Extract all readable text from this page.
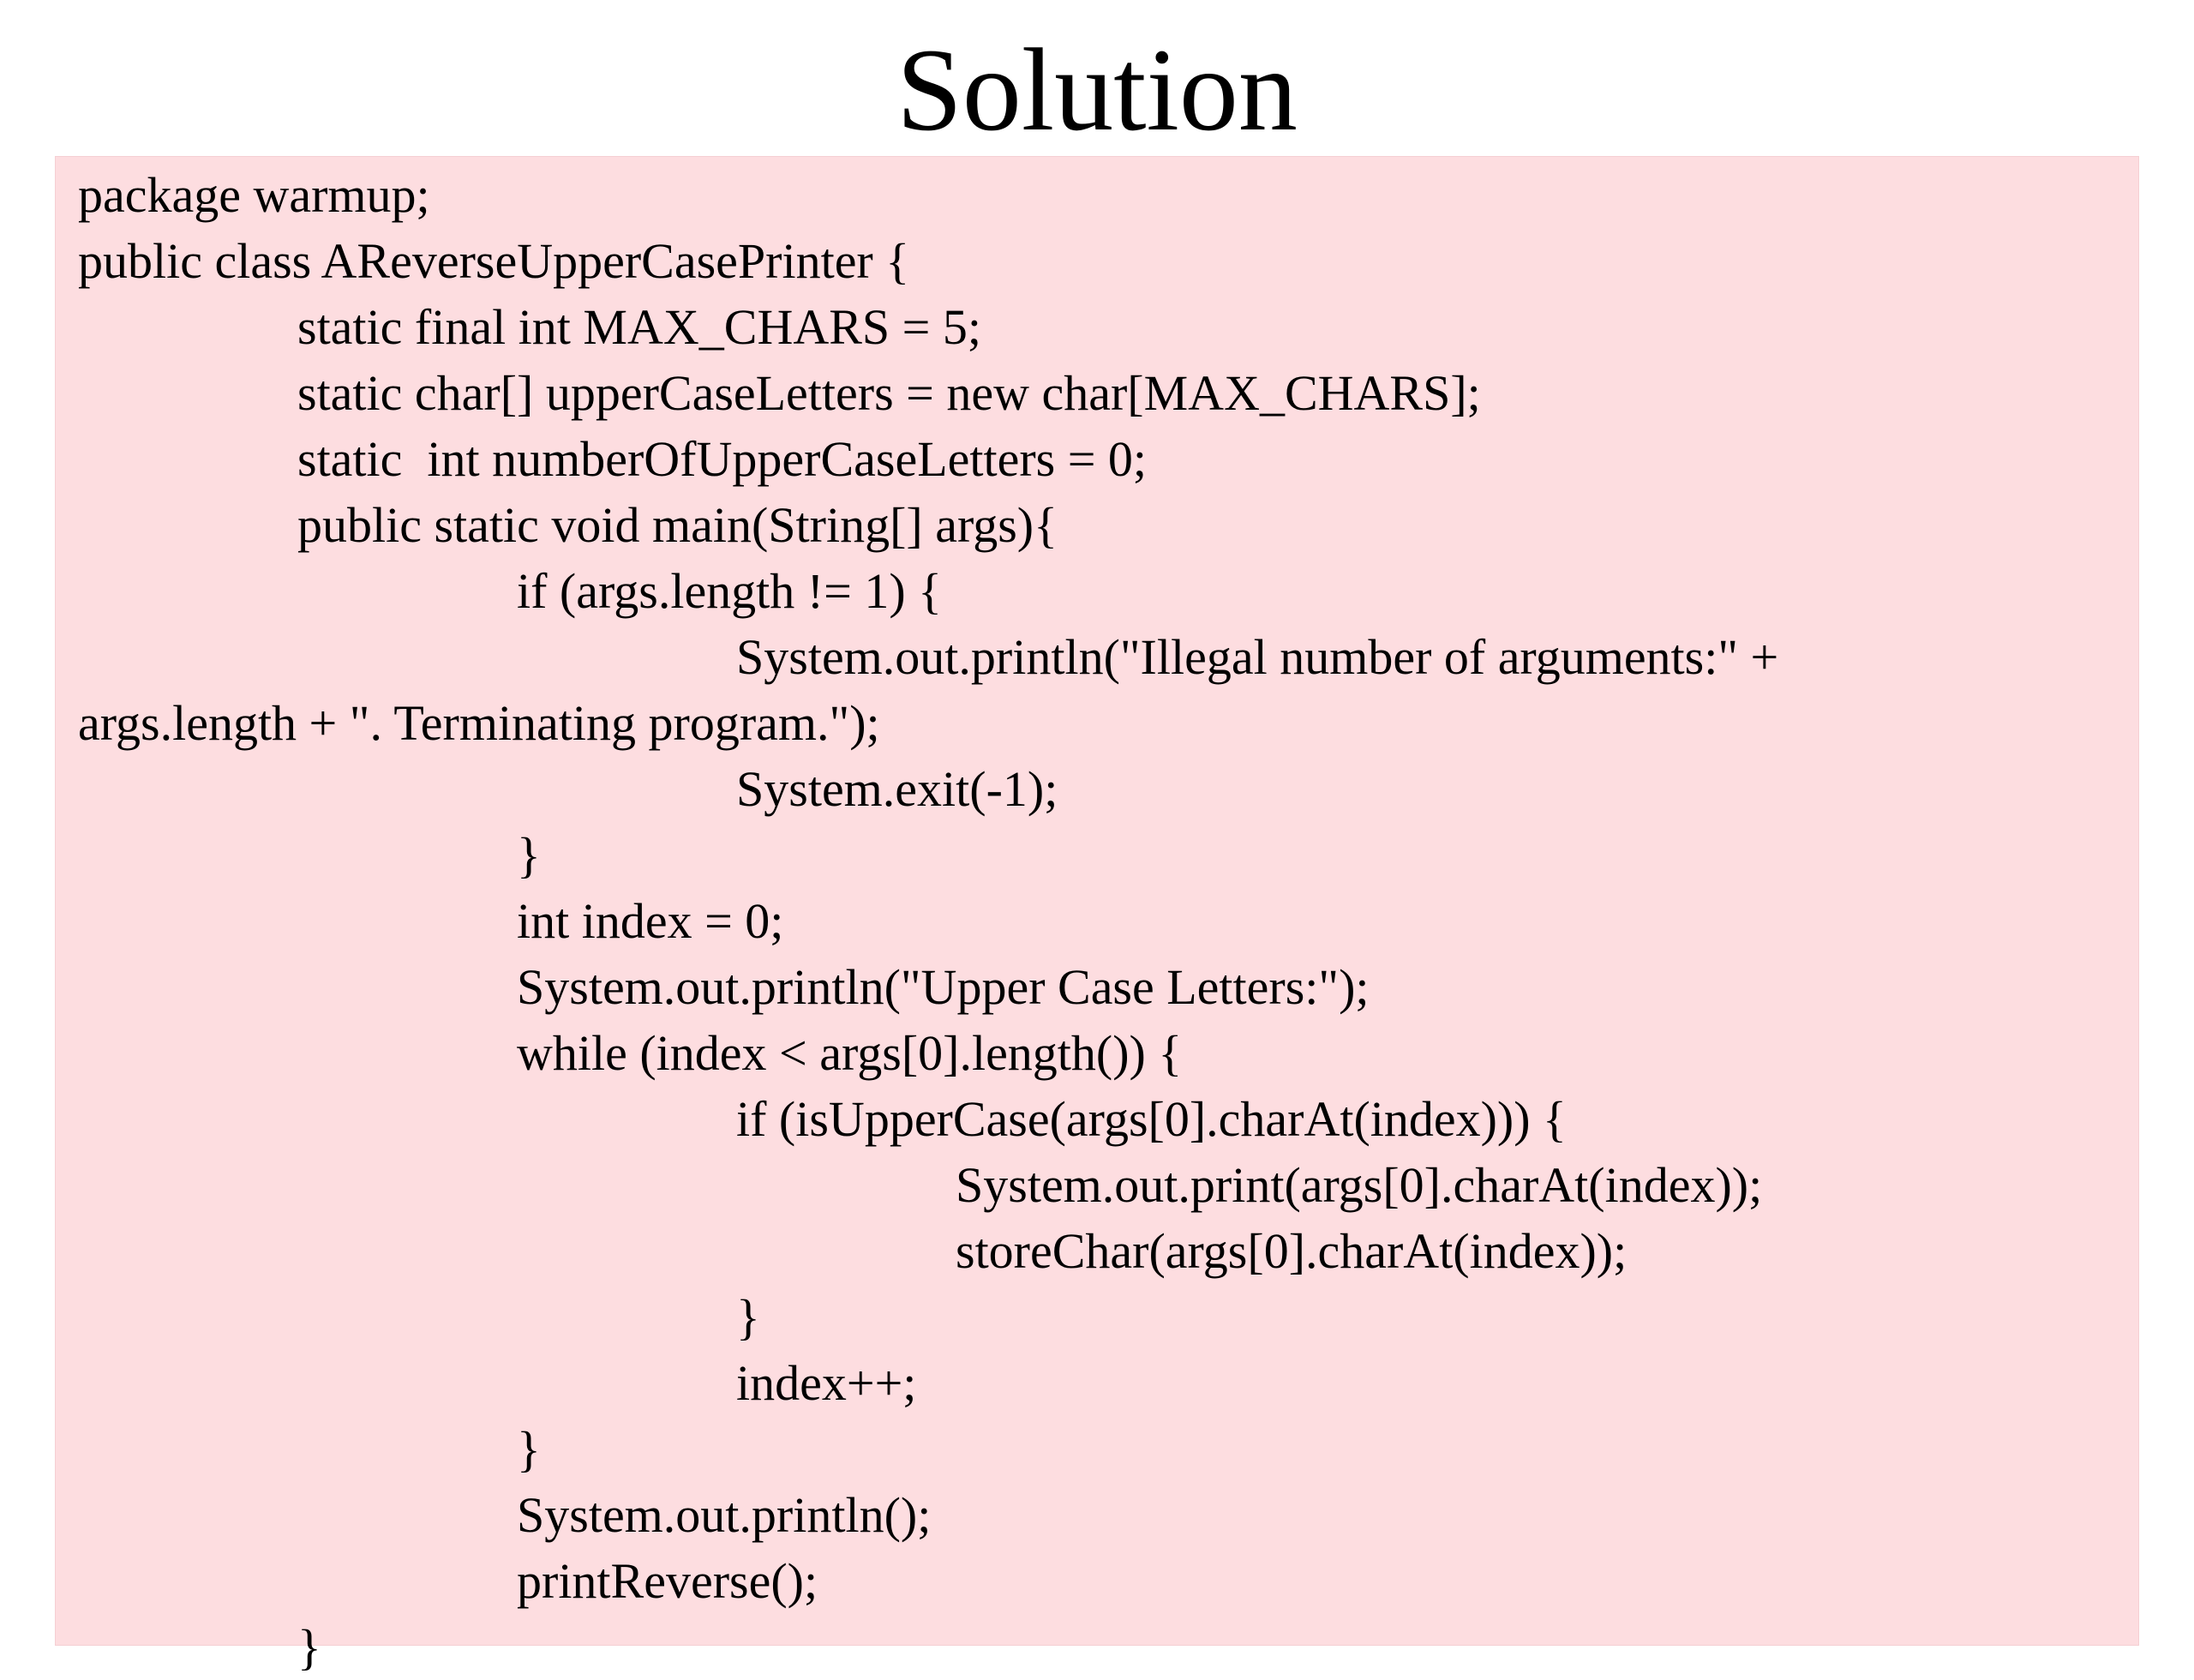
Solution
package warmup;
public class AReverseUpperCasePrinter {
static final int MAX_CHARS = 5;
static char[] upperCaseLetters = new char[MAX_CHARS];
static  int numberOfUpperCaseLetters = 0;
public static void main(String[] args){
if (args.length != 1) {
System.out.println("Illegal number of arguments:" +
args.length + ". Terminating program.");
System.exit(-1);
}
int index = 0;
System.out.println("Upper Case Letters:");
while (index < args[0].length()) {
if (isUpperCase(args[0].charAt(index))) {
System.out.print(args[0].charAt(index));
storeChar(args[0].charAt(index));
}
index++;
}
System.out.println();
printReverse();
}
